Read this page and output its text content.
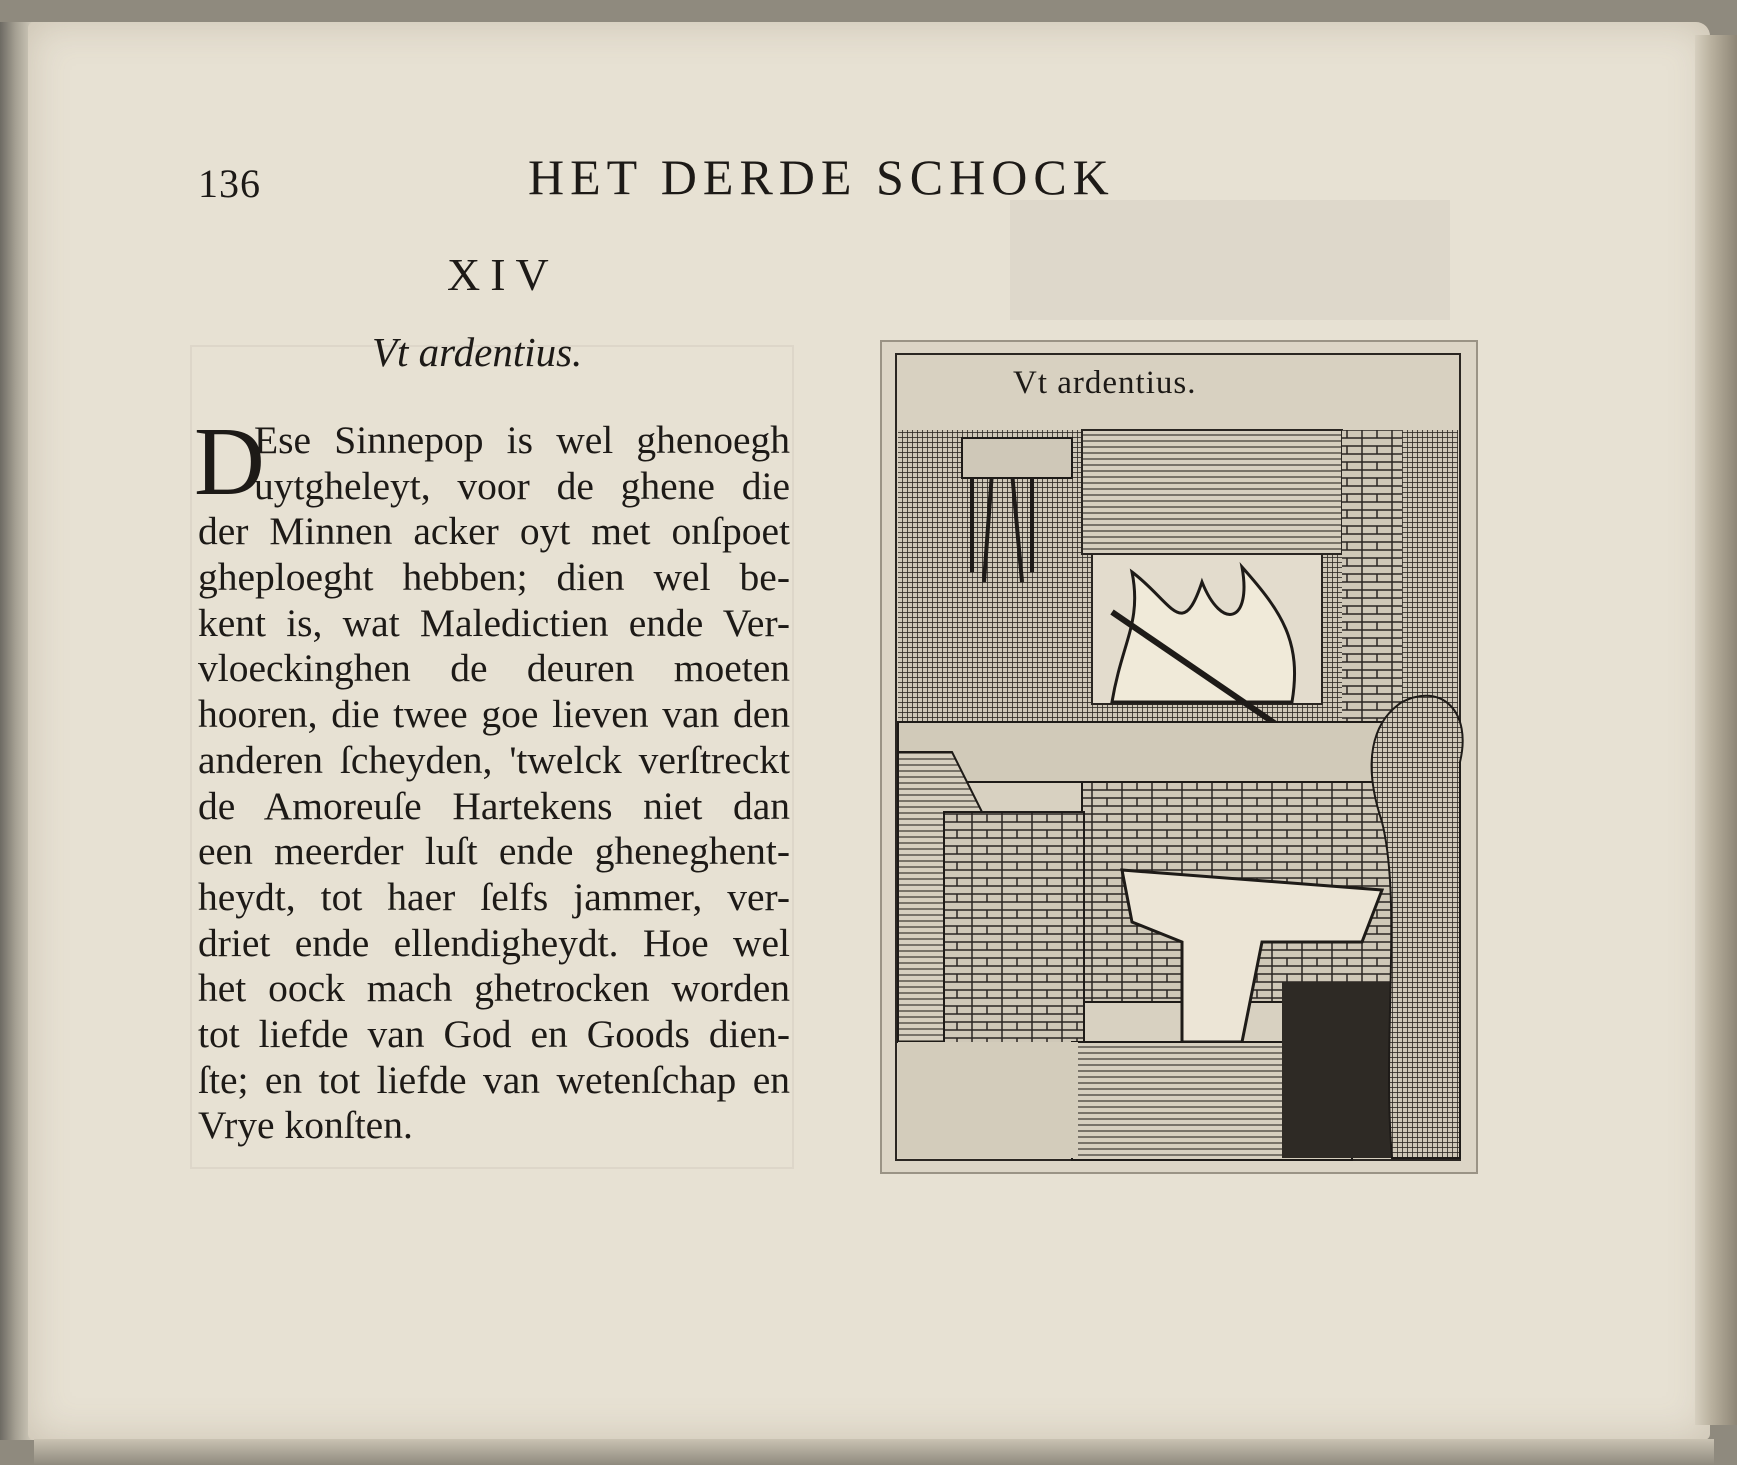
136	HET DERDE SCHOCK
XIV
Vt ardentius.
D
Ese Sinnepop is wel ghenoegh
uytgheleyt, voor de ghene die
der Minnen acker oyt met onſpoet
gheploeght hebben; dien wel be-
kent is, wat Maledictien ende Ver-
vloeckinghen de deuren moeten
hooren, die twee goe lieven van den
anderen ſcheyden, 'twelck verſtreckt
de Amoreuſe Hartekens niet dan
een meerder luſt ende gheneghent-
heydt, tot haer ſelfs jammer, ver-
driet ende ellendigheydt. Hoe wel
het oock mach ghetrocken worden
tot liefde van God en Goods dien-
ſte; en tot liefde van wetenſchap en
Vrye konſten.
Vt ardentius.
